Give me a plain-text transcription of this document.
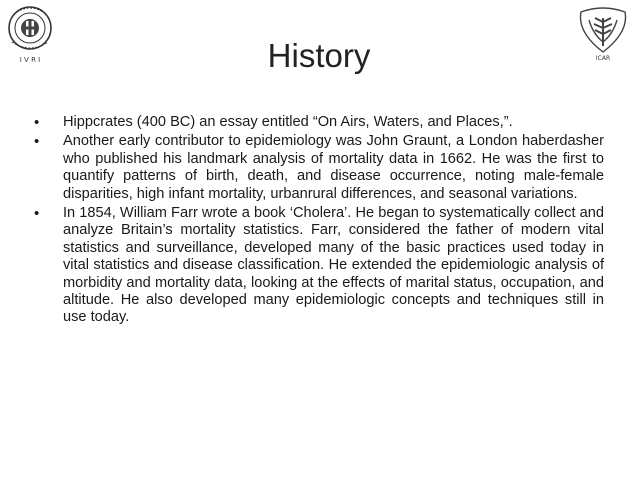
I V R I	ICAR
History
• Hippcrates (400 BC) an essay entitled “On Airs, Waters, and Places,”.
• Another early contributor to epidemiology was John Graunt, a London haberdasher who published his landmark analysis of mortality data in 1662. He was the first to quantify patterns of birth, death, and disease occurrence, noting male-female disparities, high infant mortality, urbanrural differences, and seasonal variations.
• In 1854, William Farr wrote a book ‘Cholera’. He began to systematically collect and analyze Britain’s mortality statistics. Farr, considered the father of modern vital statistics and surveillance, developed many of the basic practices used today in vital statistics and disease classification. He extended the epidemiologic analysis of morbidity and mortality data, looking at the effects of marital status, occupation, and altitude. He also developed many epidemiologic concepts and techniques still in use today.
